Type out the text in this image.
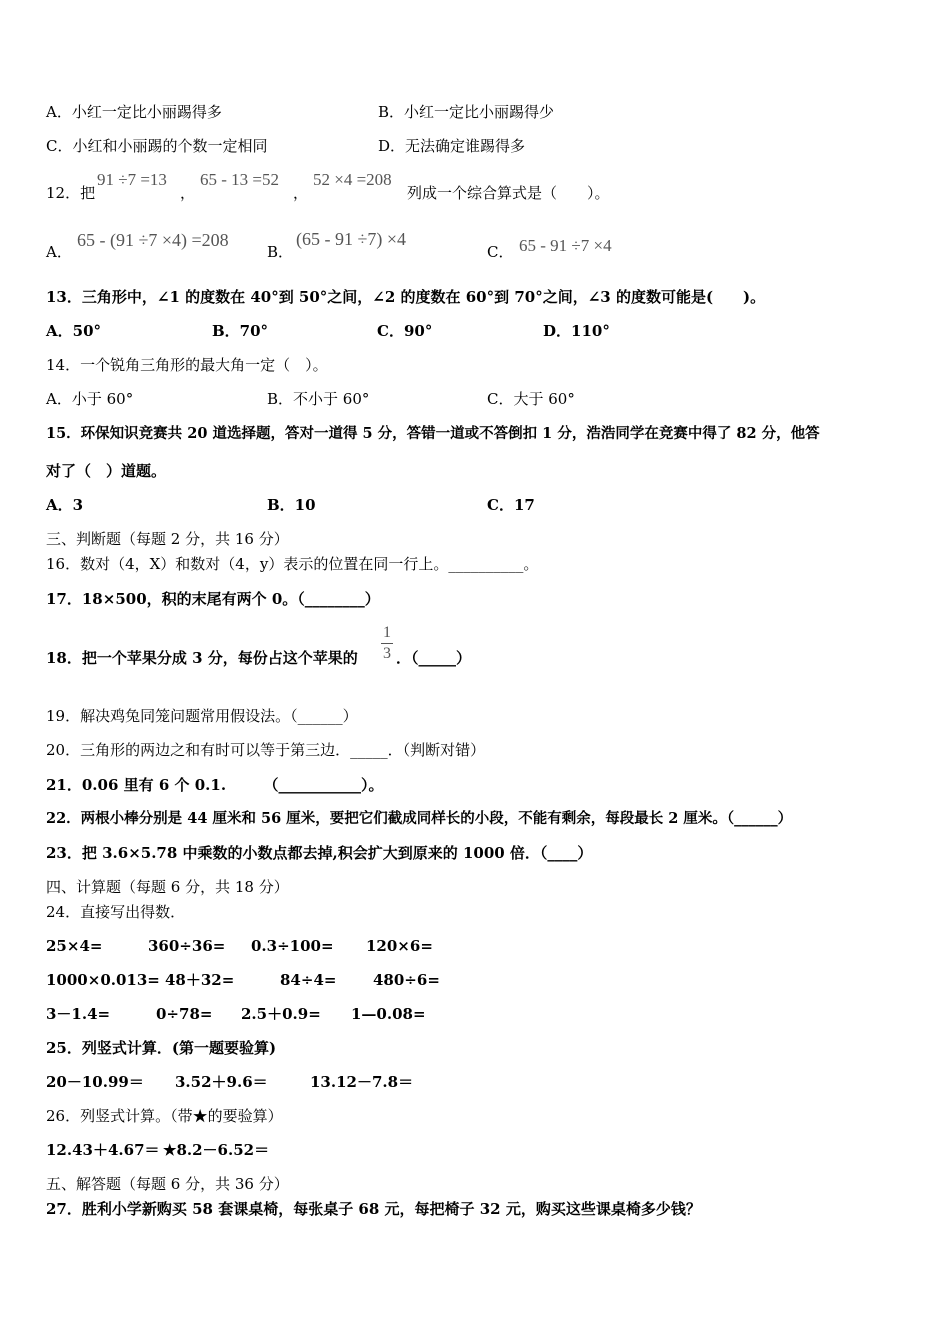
A．小红一定比小丽踢得多	B．小红一定比小丽踢得少
C．小红和小丽踢的个数一定相同	D．无法确定谁踢得多
12．把
91 ÷7 =13
，
65 - 13 =52
，
52 ×4 =208
列成一个综合算式是（　　）。
A．
65 - (91 ÷7 ×4) =208
B．
(65 - 91 ÷7) ×4
C． 65 - 91 ÷7 ×4
13．三角形中，∠1 的度数在 40°到 50°之间，∠2 的度数在 60°到 70°之间，∠3 的度数可能是(　　)。
A．50°	B．70°	C．90°	D．110°
14．一个锐角三角形的最大角一定（　）。
A．小于 60°	B．不小于 60°	C．大于 60°
15．环保知识竞赛共 20 道选择题，答对一道得 5 分，答错一道或不答倒扣 1 分，浩浩同学在竞赛中得了 82 分，他答
对了（　）道题。
A．3	B．10	C．17
三、判断题（每题 2 分，共 16 分）
16．数对（4，X）和数对（4，y）表示的位置在同一行上。__________。
17．18×500，积的末尾有两个 0。（________）
18．把一个苹果分成 3 分，每份占这个苹果的
1
3 ．（_____）
19．解决鸡兔同笼问题常用假设法。（______）
20．三角形的两边之和有时可以等于第三边．_____．（判断对错）
21．0.06 里有 6 个 0.1.　　　（___________）。
22．两根小棒分别是 44 厘米和 56 厘米，要把它们截成同样长的小段，不能有剩余，每段最长 2 厘米。（______）
23．把 3.6×5.78 中乘数的小数点都去掉,积会扩大到原来的 1000 倍．（____）
四、计算题（每题 6 分，共 18 分）
24．直接写出得数．
25×4=	360÷36= 0.3÷100= 120×6=
1000×0.013= 48＋32=	84÷4= 480÷6=
3－1.4=	0÷78= 2.5＋0.9= 1—0.08=
25．列竖式计算．(第一题要验算)
20－10.99＝ 3.52＋9.6＝	13.12－7.8＝
26．列竖式计算。（带★的要验算）
12.43＋4.67＝ ★8.2－6.52＝
五、解答题（每题 6 分，共 36 分）
27．胜利小学新购买 58 套课桌椅，每张桌子 68 元，每把椅子 32 元，购买这些课桌椅多少钱？
